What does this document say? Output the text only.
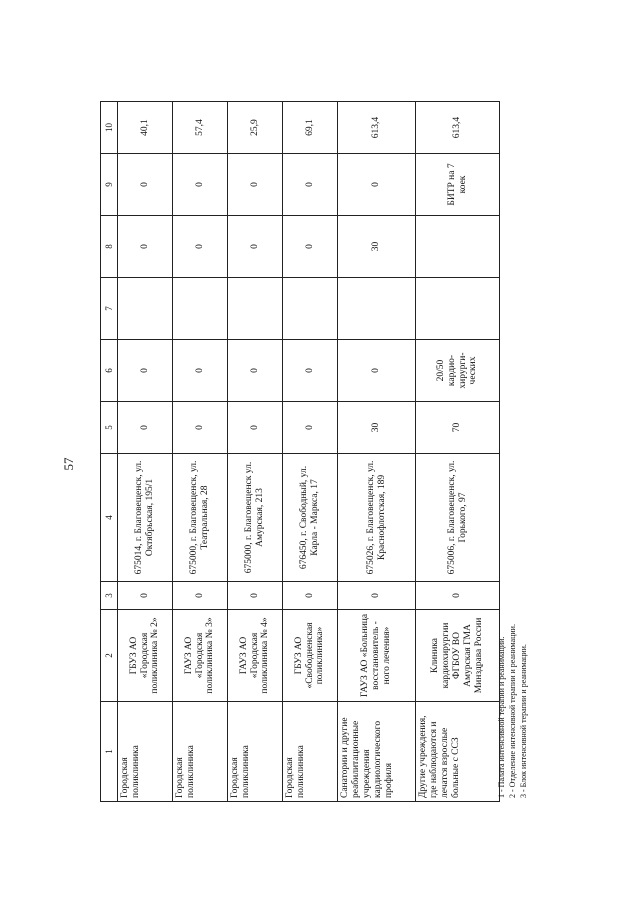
57
1	2	3	4	5	6	7	8	9	10
Городская поликлиника	ГБУЗ АО «Городская поликлиника № 2»	0	675014, г. Благовещенск, ул. Октябрьская, 195/1	0	0		0	0	40,1
Городская поликлиника	ГАУЗ АО «Городская поликлиника № 3»	0	675000, г. Благовещенск, ул. Театральная, 28	0	0		0	0	57,4
Городская поликлиника	ГАУЗ АО «Городская поликлиника № 4»	0	675000, г. Благовещенск ул. Амурская, 213	0	0		0	0	25,9
Городская поликлиника	ГБУЗ АО «Свободненская поликлиника»	0	676450, г. Свободный, ул. Карла - Маркса, 17	0	0		0	0	69,1
Санатории и другие реабилитационные учреждения кардиологического профиля	ГАУЗ АО «Больница восстановитель - ного лечения»	0	675026, г. Благовещенск, ул. Краснофлотская, 189	30	0		30	0	613,4
Другие учреждения, где наблюдаются и лечатся взрослые больные с ССЗ	Клиника кардиохирургии ФГБОУ ВО Амурская ГМА Минздрава России	0	675006, г. Благовещенск, ул. Горького, 97	70	20/50 кардио-хирурги-ческих			БИТР на 7 коек	613,4
1 - Палата интенсивной терапии и реанимации. 2 - Отделение интенсивной терапии и реанимации. 3 - Блок интенсивной терапии и реанимации.
